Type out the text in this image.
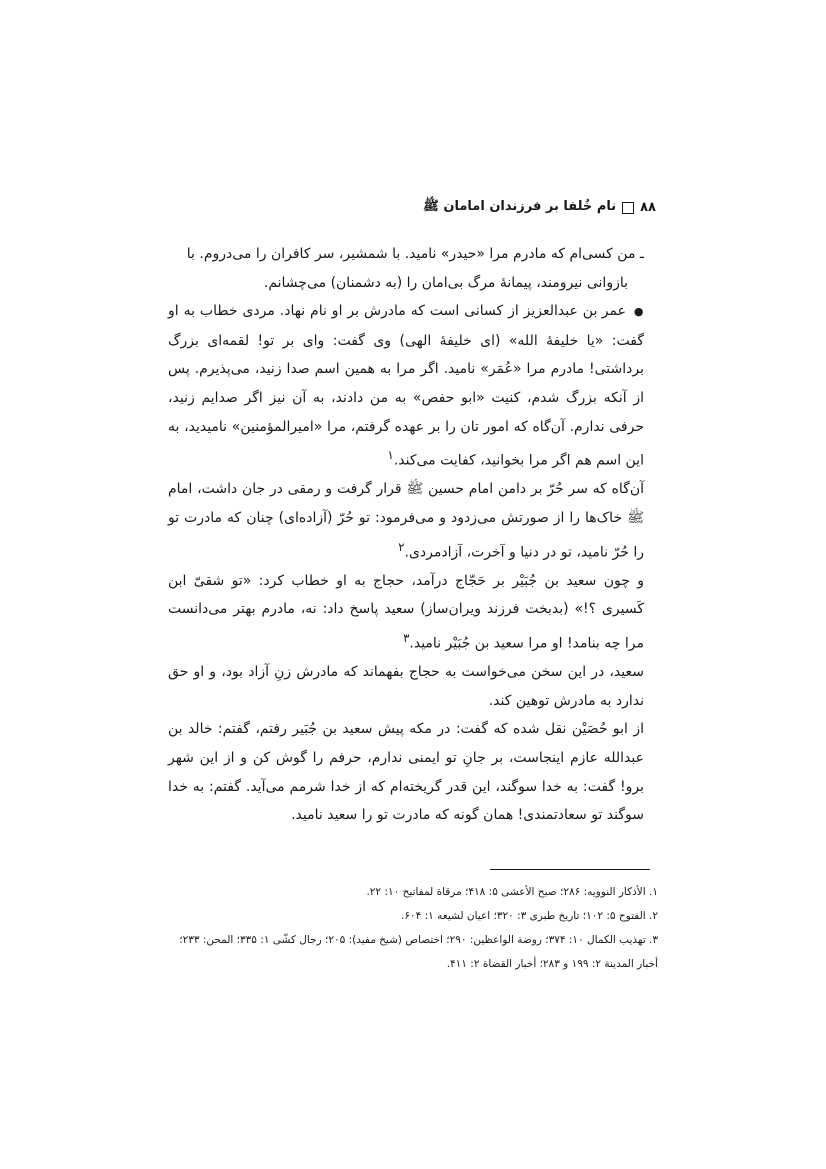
۸۸
نام خُلفا بر فرزندان امامان ﷺ

ـ من کسی‌ام که مادرم مرا «حیدر» نامید. با شمشیر، سر کافران را می‌دروم. با

بازوانی نیرومند، پیمانهٔ مرگ بی‌امان را (به دشمنان) می‌چشانم.

● عمر بن عبدالعزیز از کسانی است که مادرش بر او نام نهاد. مردی خطاب به او گفت: «یا خلیفهٔ الله» (ای خلیفهٔ الهی) وی گفت: وای بر تو! لقمه‌ای بزرگ برداشتی! مادرم مرا «عُمَر» نامید. اگر مرا به همین اسم صدا زنید، می‌پذیرم. پس از آنکه بزرگ شدم، کنیت «ابو حفص» به من دادند، به آن نیز اگر صدایم زنید، حرفی ندارم. آن‌گاه که امور تان را بر عهده گرفتم، مرا «امیرالمؤمنین» نامیدید، به این اسم هم اگر مرا بخوانید، کفایت می‌کند.$^۱$

آن‌گاه که سر حُرّ بر دامن امام حسین ﷺ قرار گرفت و رمقی در جان داشت، امام ﷺ خاک‌ها را از صورتش می‌زدود و می‌فرمود: تو حُرّ (آزاده‌ای) چنان که مادرت تو را حُرّ نامید، تو در دنیا و آخرت، آزادمردی.$^۲$

و چون سعید بن جُبَیْر بر حَجّاج درآمد، حجاج به او خطاب کرد: «تو شقیّ ابن کَسیری ؟!» (بدبخت فرزند ویران‌ساز) سعید پاسخ داد: نه، مادرم بهتر می‌دانست مرا چه بنامد! او مرا سعید بن جُبَیْر نامید.$^۳$

سعید، در این سخن می‌خواست به حجاج بفهماند که مادرش زنِ آزاد بود، و او حق ندارد به مادرش توهین کند.

از ابو حُصَیْن نقل شده که گفت: در مکه پیش سعید بن جُبَیر رفتم، گفتم: خالد بن عبدالله عازم اینجاست، بر جانِ تو ایمنی ندارم، حرفم را گوش کن و از این شهر برو! گفت: به خدا سوگند، این قدر گریخته‌ام که از خدا شرمم می‌آید. گفتم: به خدا سوگند تو سعادتمندی! همان گونه که مادرت تو را سعید نامید.

۱. الأذکار النوویه: ۲۸۶؛ صبح الأعشی ۵: ۴۱۸؛ مرقاة لمفاتیح ۱۰: ۲۲.

۲. الفتوح ۵: ۱۰۲؛ تاریخ طبری ۳: ۳۲۰؛ اعیان لشیعه ۱: ۶۰۴.

۳. تهذیب الکمال ۱۰: ۳۷۴؛ روضة الواعظین: ۲۹۰؛ اختصاص (شیخ مفید): ۲۰۵؛ رجال کشّی ۱: ۳۳۵؛ المحن: ۲۳۳؛ أخبار المدینة ۲: ۱۹۹ و ۲۸۳؛ أخبار القضاة ۲: ۴۱۱.
